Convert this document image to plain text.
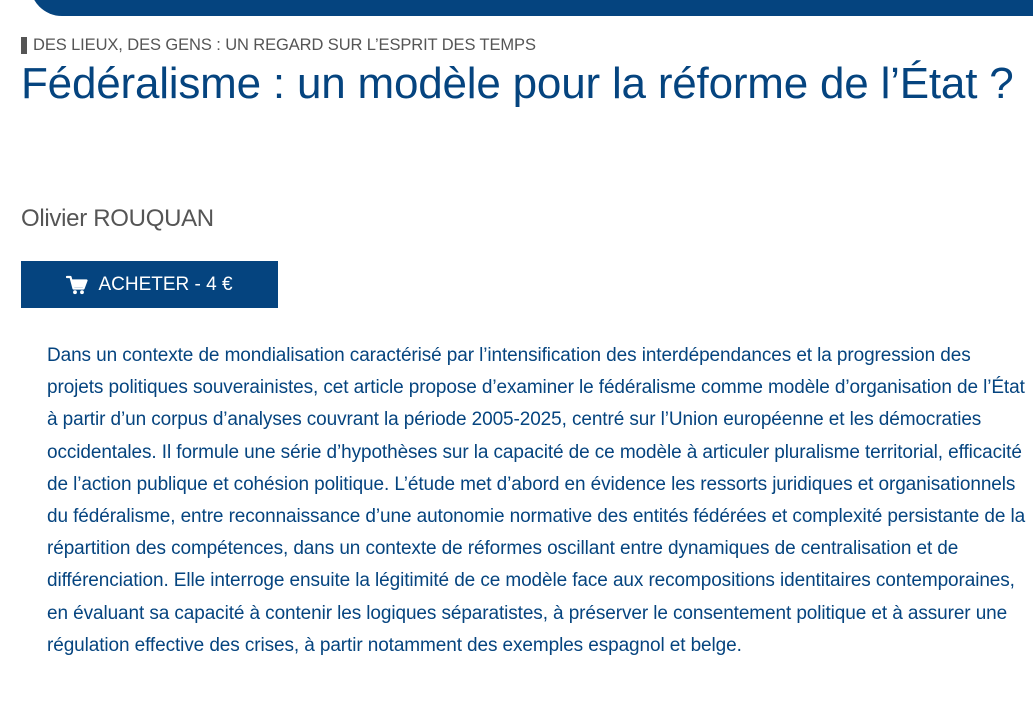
DES LIEUX, DES GENS : UN REGARD SUR L’ESPRIT DES TEMPS
Fédéralisme : un modèle pour la réforme de l’État ?
Olivier ROUQUAN
ACHETER - 4 €

Dans un contexte de mondialisation caractérisé par l’intensification des interdépendances et la progression des projets politiques souverainistes, cet article propose d’examiner le fédéralisme comme modèle d’organisation de l’État à partir d’un corpus d’analyses couvrant la période 2005-2025, centré sur l’Union européenne et les démocraties occidentales. Il formule une série d’hypothèses sur la capacité de ce modèle à articuler pluralisme territorial, efficacité de l’action publique et cohésion politique. L’étude met d’abord en évidence les ressorts juridiques et organisationnels du fédéralisme, entre reconnaissance d’une autonomie normative des entités fédérées et complexité persistante de la répartition des compétences, dans un contexte de réformes oscillant entre dynamiques de centralisation et de différenciation. Elle interroge ensuite la légitimité de ce modèle face aux recompositions identitaires contemporaines, en évaluant sa capacité à contenir les logiques séparatistes, à préserver le consentement politique et à assurer une régulation effective des crises, à partir notamment des exemples espagnol et belge.
